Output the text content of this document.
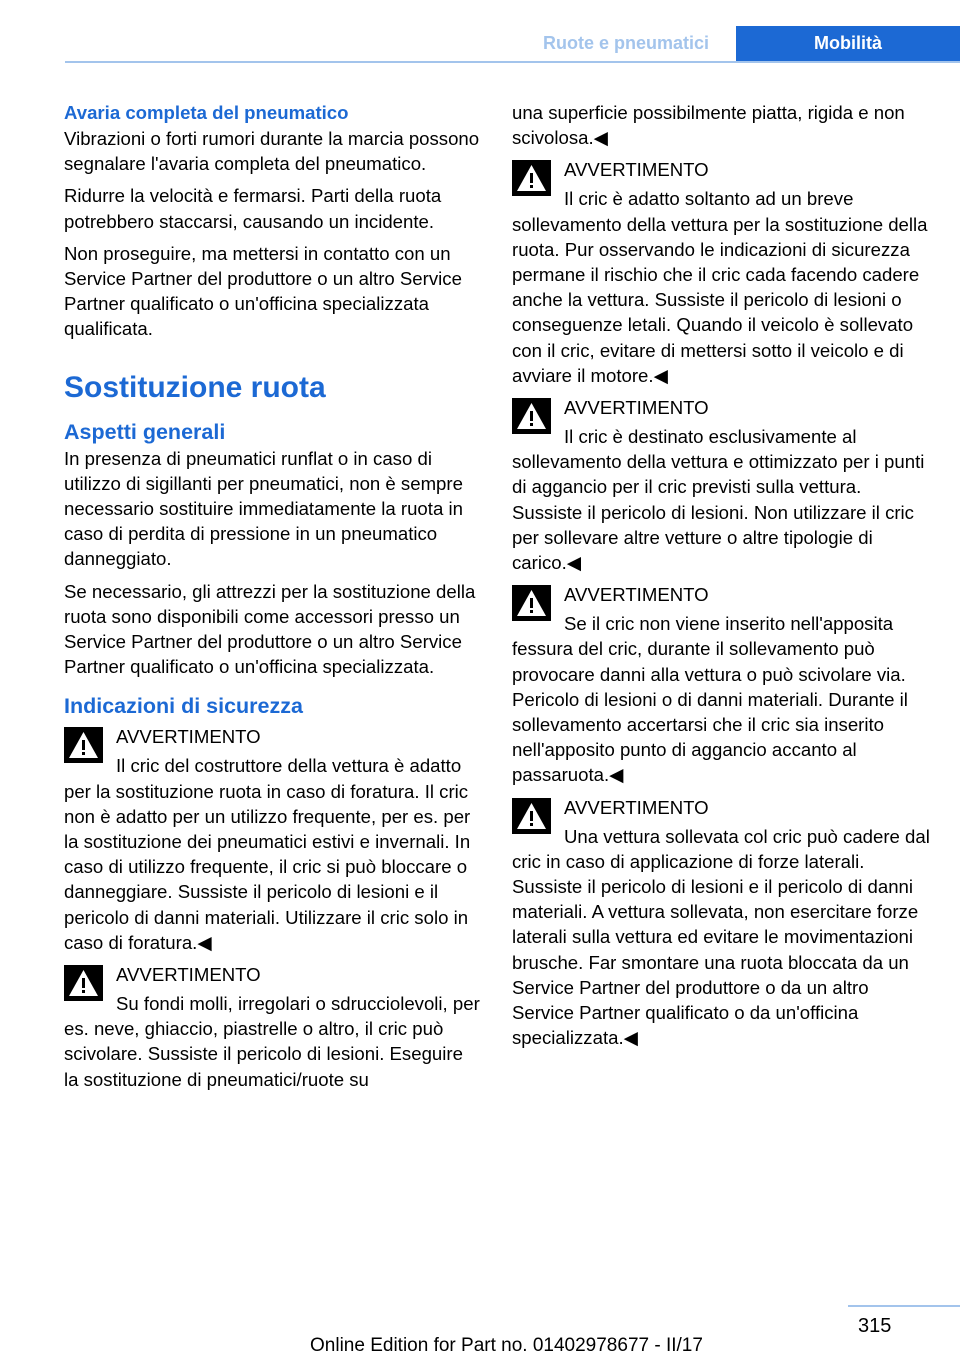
Ruote e pneumatici	Mobilità
Avaria completa del pneumatico

Vibrazioni o forti rumori durante la marcia possono segnalare l'avaria completa del pneumatico.

Ridurre la velocità e fermarsi. Parti della ruota potrebbero staccarsi, causando un incidente.

Non proseguire, ma mettersi in contatto con un Service Partner del produttore o un altro Service Partner qualificato o un'officina specializzata qualificata.

Sostituzione ruota
Aspetti generali

In presenza di pneumatici runflat o in caso di utilizzo di sigillanti per pneumatici, non è sempre necessario sostituire immediatamente la ruota in caso di perdita di pressione in un pneumatico danneggiato.

Se necessario, gli attrezzi per la sostituzione della ruota sono disponibili come accessori presso un Service Partner del produttore o un altro Service Partner qualificato o un'officina specializzata.

Indicazioni di sicurezza
AVVERTIMENTO
Il cric del costruttore della vettura è adatto per la sostituzione ruota in caso di foratura. Il cric non è adatto per un utilizzo frequente, per es. per la sostituzione dei pneumatici estivi e invernali. In caso di utilizzo frequente, il cric si può bloccare o danneggiare. Sussiste il pericolo di lesioni e il pericolo di danni materiali. Utilizzare il cric solo in caso di foratura.◀
AVVERTIMENTO
Su fondi molli, irregolari o sdrucciolevoli, per es. neve, ghiaccio, piastrelle o altro, il cric può scivolare. Sussiste il pericolo di lesioni. Eseguire la sostituzione di pneumatici/ruote su

una superficie possibilmente piatta, rigida e non scivolosa.◀

AVVERTIMENTO
Il cric è adatto soltanto ad un breve sollevamento della vettura per la sostituzione della ruota. Pur osservando le indicazioni di sicurezza permane il rischio che il cric cada facendo cadere anche la vettura. Sussiste il pericolo di lesioni o conseguenze letali. Quando il veicolo è sollevato con il cric, evitare di mettersi sotto il veicolo e di avviare il motore.◀
AVVERTIMENTO
Il cric è destinato esclusivamente al sollevamento della vettura e ottimizzato per i punti di aggancio per il cric previsti sulla vettura. Sussiste il pericolo di lesioni. Non utilizzare il cric per sollevare altre vetture o altre tipologie di carico.◀
AVVERTIMENTO
Se il cric non viene inserito nell'apposita fessura del cric, durante il sollevamento può provocare danni alla vettura o può scivolare via. Pericolo di lesioni o di danni materiali. Durante il sollevamento accertarsi che il cric sia inserito nell'apposito punto di aggancio accanto al passaruota.◀
AVVERTIMENTO
Una vettura sollevata col cric può cadere dal cric in caso di applicazione di forze laterali. Sussiste il pericolo di lesioni e il pericolo di danni materiali. A vettura sollevata, non esercitare forze laterali sulla vettura ed evitare le movimentazioni brusche. Far smontare una ruota bloccata da un Service Partner del produttore o da un altro Service Partner qualificato o da un'officina specializzata.◀
315
Online Edition for Part no. 01402978677 - II/17
